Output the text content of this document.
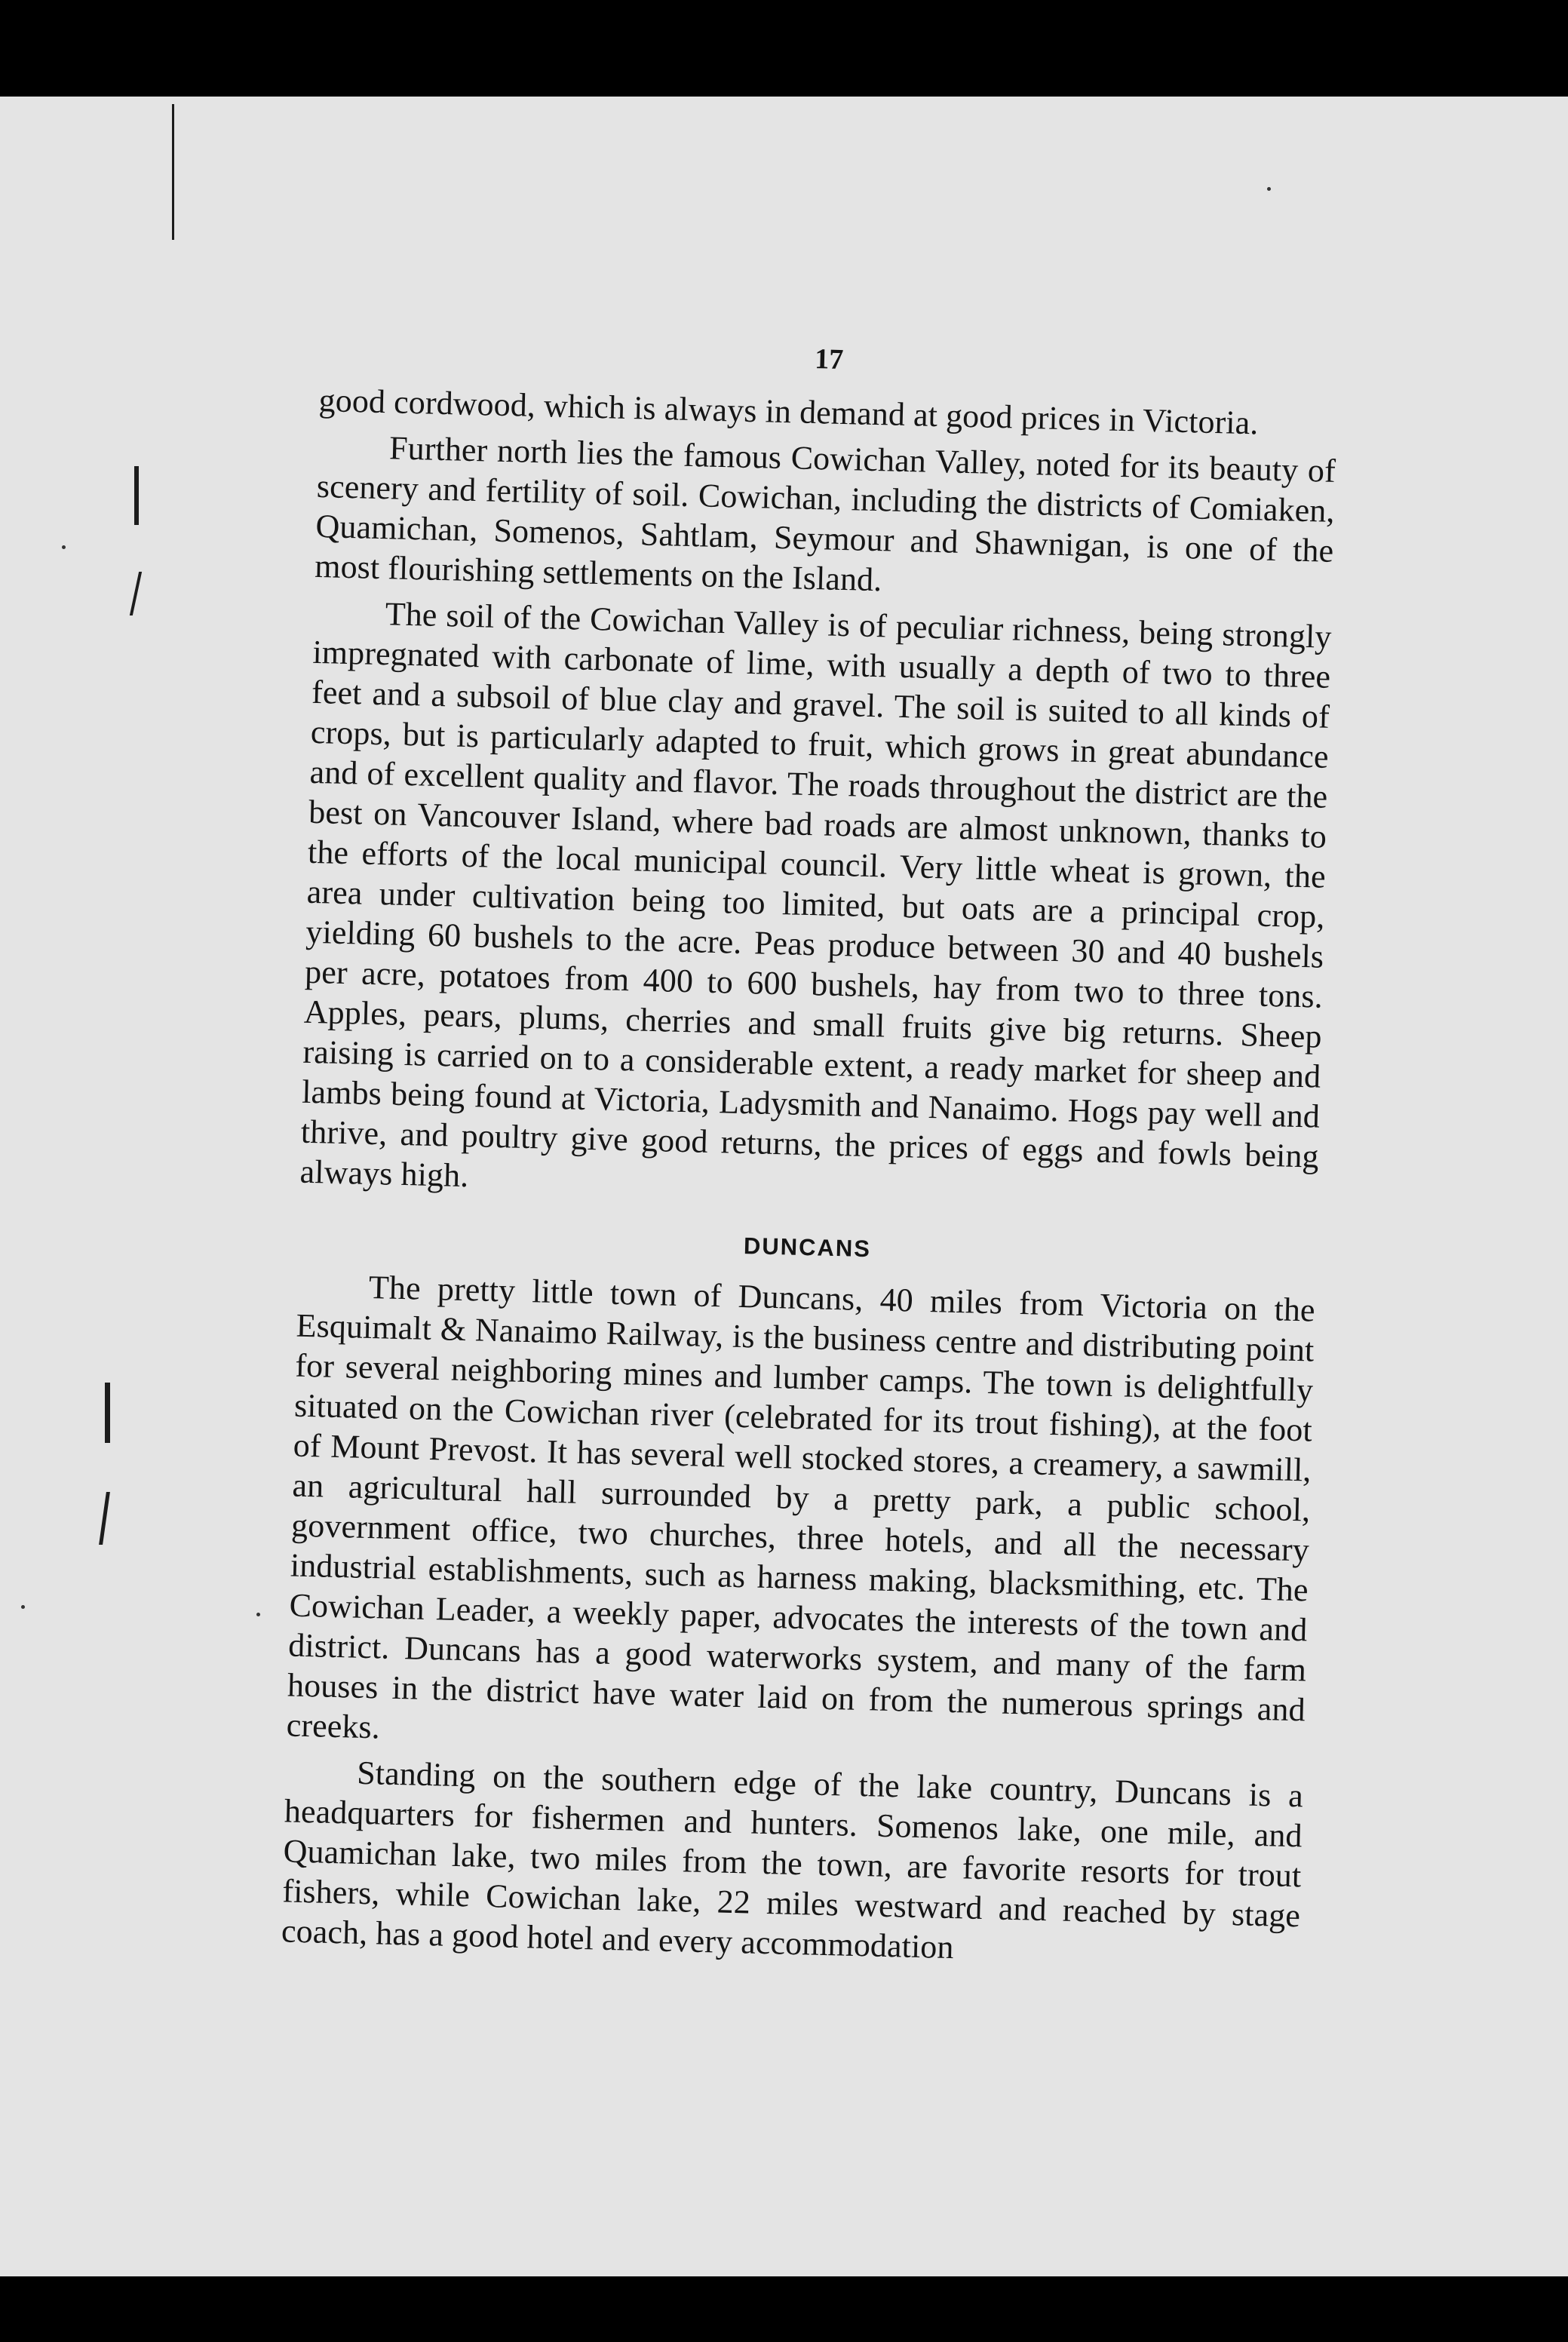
17

good cordwood, which is always in demand at good prices in Victoria.

Further north lies the famous Cowichan Valley, noted for its beauty of scenery and fertility of soil. Cowichan, including the districts of Comiaken, Quamichan, Somenos, Sahtlam, Seymour and Shawnigan, is one of the most flourishing settlements on the Island.

The soil of the Cowichan Valley is of peculiar richness, being strongly impregnated with carbonate of lime, with usually a depth of two to three feet and a subsoil of blue clay and gravel. The soil is suited to all kinds of crops, but is particularly adapted to fruit, which grows in great abundance and of excellent quality and flavor. The roads throughout the district are the best on Vancouver Island, where bad roads are almost unknown, thanks to the efforts of the local municipal council. Very little wheat is grown, the area under cultivation being too limited, but oats are a principal crop, yielding 60 bushels to the acre. Peas produce between 30 and 40 bushels per acre, potatoes from 400 to 600 bushels, hay from two to three tons. Apples, pears, plums, cherries and small fruits give big returns. Sheep raising is carried on to a considerable extent, a ready market for sheep and lambs being found at Victoria, Ladysmith and Nanaimo. Hogs pay well and thrive, and poultry give good returns, the prices of eggs and fowls being always high.

DUNCANS

The pretty little town of Duncans, 40 miles from Victoria on the Esquimalt & Nanaimo Railway, is the business centre and distributing point for several neighboring mines and lumber camps. The town is delightfully situated on the Cowichan river (celebrated for its trout fishing), at the foot of Mount Prevost. It has several well stocked stores, a creamery, a sawmill, an agricultural hall surrounded by a pretty park, a public school, government office, two churches, three hotels, and all the necessary industrial establishments, such as harness making, blacksmithing, etc. The Cowichan Leader, a weekly paper, advocates the interests of the town and district. Duncans has a good waterworks system, and many of the farm houses in the district have water laid on from the numerous springs and creeks.

Standing on the southern edge of the lake country, Duncans is a headquarters for fishermen and hunters. Somenos lake, one mile, and Quamichan lake, two miles from the town, are favorite resorts for trout fishers, while Cowichan lake, 22 miles westward and reached by stage coach, has a good hotel and every accommodation
